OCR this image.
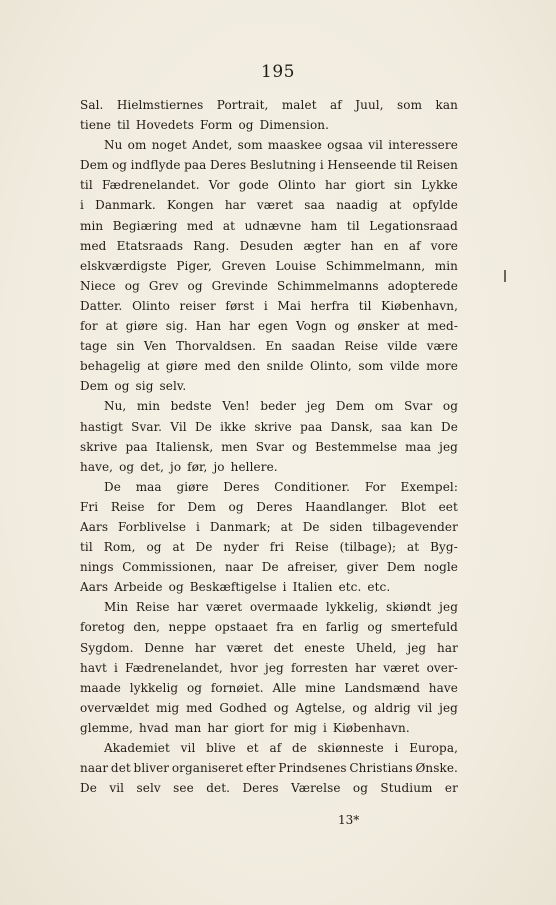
195
Sal. Hielmstiernes Portrait, malet af Juul, som kan
tiene til Hovedets Form og Dimension.
Nu om noget Andet, som maaskee ogsaa vil interessere
Dem og indflyde paa Deres Beslutning i Henseende til Reisen
til Fædrenelandet. Vor gode Olinto har giort sin Lykke
i Danmark. Kongen har været saa naadig at opfylde
min Begiæring med at udnævne ham til Legationsraad
med Etatsraads Rang. Desuden ægter han en af vore
elskværdigste Piger, Greven Louise Schimmelmann, min
Niece og Grev og Grevinde Schimmelmanns adopterede
Datter. Olinto reiser først i Mai herfra til Kiøbenhavn,
for at giøre sig. Han har egen Vogn og ønsker at med-
tage sin Ven Thorvaldsen. En saadan Reise vilde være
behagelig at giøre med den snilde Olinto, som vilde more
Dem og sig selv.
Nu, min bedste Ven! beder jeg Dem om Svar og
hastigt Svar. Vil De ikke skrive paa Dansk, saa kan De
skrive paa Italiensk, men Svar og Bestemmelse maa jeg
have, og det, jo før, jo hellere.
De maa giøre Deres Conditioner. For Exempel:
Fri Reise for Dem og Deres Haandlanger. Blot eet
Aars Forblivelse i Danmark; at De siden tilbagevender
til Rom, og at De nyder fri Reise (tilbage); at Byg-
nings Commissionen, naar De afreiser, giver Dem nogle
Aars Arbeide og Beskæftigelse i Italien etc. etc.
Min Reise har været overmaade lykkelig, skiøndt jeg
foretog den, neppe opstaaet fra en farlig og smertefuld
Sygdom. Denne har været det eneste Uheld, jeg har
havt i Fædrenelandet, hvor jeg forresten har været over-
maade lykkelig og fornøiet. Alle mine Landsmænd have
overvældet mig med Godhed og Agtelse, og aldrig vil jeg
glemme, hvad man har giort for mig i Kiøbenhavn.
Akademiet vil blive et af de skiønneste i Europa,
naar det bliver organiseret efter Prindsenes Christians Ønske.
De vil selv see det. Deres Værelse og Studium er
13*
